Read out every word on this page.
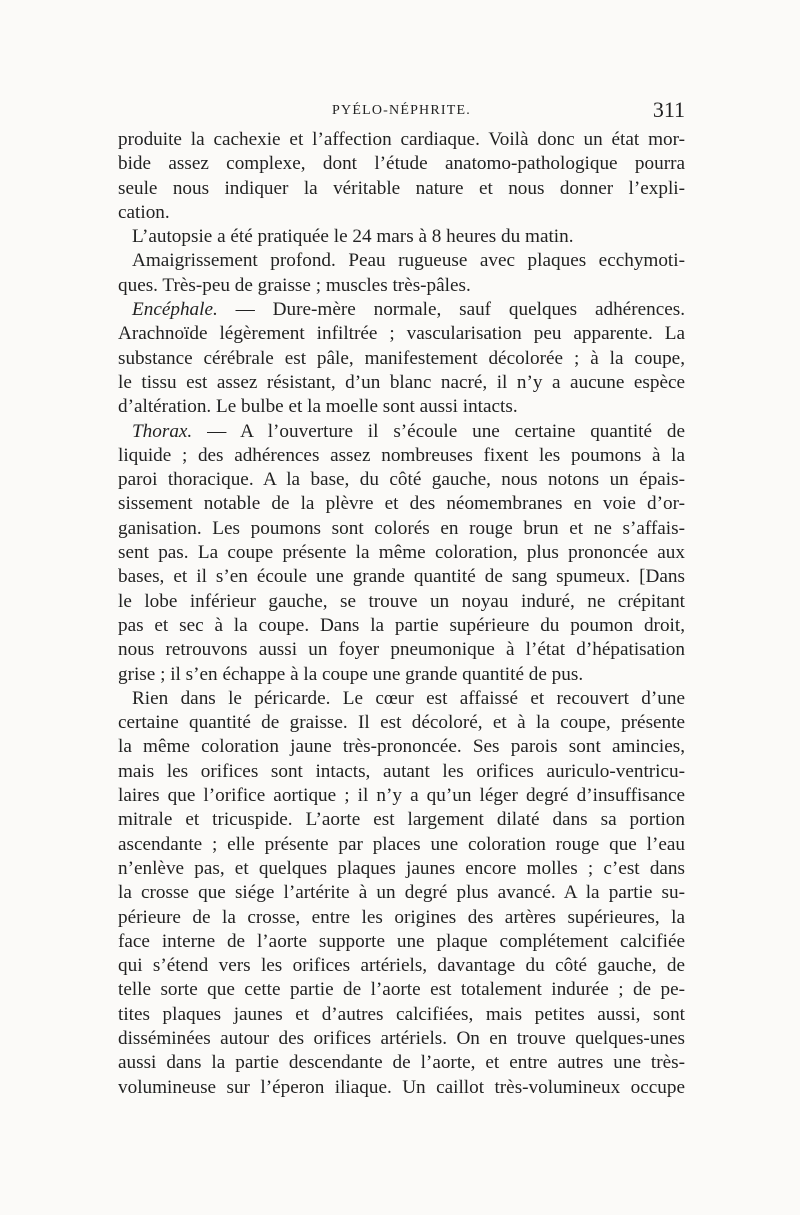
PYÉLO-NÉPHRITE.	311
produite la cachexie et l’affection cardiaque. Voilà donc un état mor-
bide assez complexe, dont l’étude anatomo-pathologique pourra
seule nous indiquer la véritable nature et nous donner l’expli-
cation.
L’autopsie a été pratiquée le 24 mars à 8 heures du matin.
Amaigrissement profond. Peau rugueuse avec plaques ecchymoti-
ques. Très-peu de graisse ; muscles très-pâles.
Encéphale. — Dure-mère normale, sauf quelques adhérences.
Arachnoïde légèrement infiltrée ; vascularisation peu apparente. La
substance cérébrale est pâle, manifestement décolorée ; à la coupe,
le tissu est assez résistant, d’un blanc nacré, il n’y a aucune espèce
d’altération. Le bulbe et la moelle sont aussi intacts.
Thorax. — A l’ouverture il s’écoule une certaine quantité de
liquide ; des adhérences assez nombreuses fixent les poumons à la
paroi thoracique. A la base, du côté gauche, nous notons un épais-
sissement notable de la plèvre et des néomembranes en voie d’or-
ganisation. Les poumons sont colorés en rouge brun et ne s’affais-
sent pas. La coupe présente la même coloration, plus prononcée aux
bases, et il s’en écoule une grande quantité de sang spumeux. [Dans
le lobe inférieur gauche, se trouve un noyau induré, ne crépitant
pas et sec à la coupe. Dans la partie supérieure du poumon droit,
nous retrouvons aussi un foyer pneumonique à l’état d’hépatisation
grise ; il s’en échappe à la coupe une grande quantité de pus.
Rien dans le péricarde. Le cœur est affaissé et recouvert d’une
certaine quantité de graisse. Il est décoloré, et à la coupe, présente
la même coloration jaune très-prononcée. Ses parois sont amincies,
mais les orifices sont intacts, autant les orifices auriculo-ventricu-
laires que l’orifice aortique ; il n’y a qu’un léger degré d’insuffisance
mitrale et tricuspide. L’aorte est largement dilaté dans sa portion
ascendante ; elle présente par places une coloration rouge que l’eau
n’enlève pas, et quelques plaques jaunes encore molles ; c’est dans
la crosse que siége l’artérite à un degré plus avancé. A la partie su-
périeure de la crosse, entre les origines des artères supérieures, la
face interne de l’aorte supporte une plaque complétement calcifiée
qui s’étend vers les orifices artériels, davantage du côté gauche, de
telle sorte que cette partie de l’aorte est totalement indurée ; de pe-
tites plaques jaunes et d’autres calcifiées, mais petites aussi, sont
disséminées autour des orifices artériels. On en trouve quelques-unes
aussi dans la partie descendante de l’aorte, et entre autres une très-
volumineuse sur l’éperon iliaque. Un caillot très-volumineux occupe
